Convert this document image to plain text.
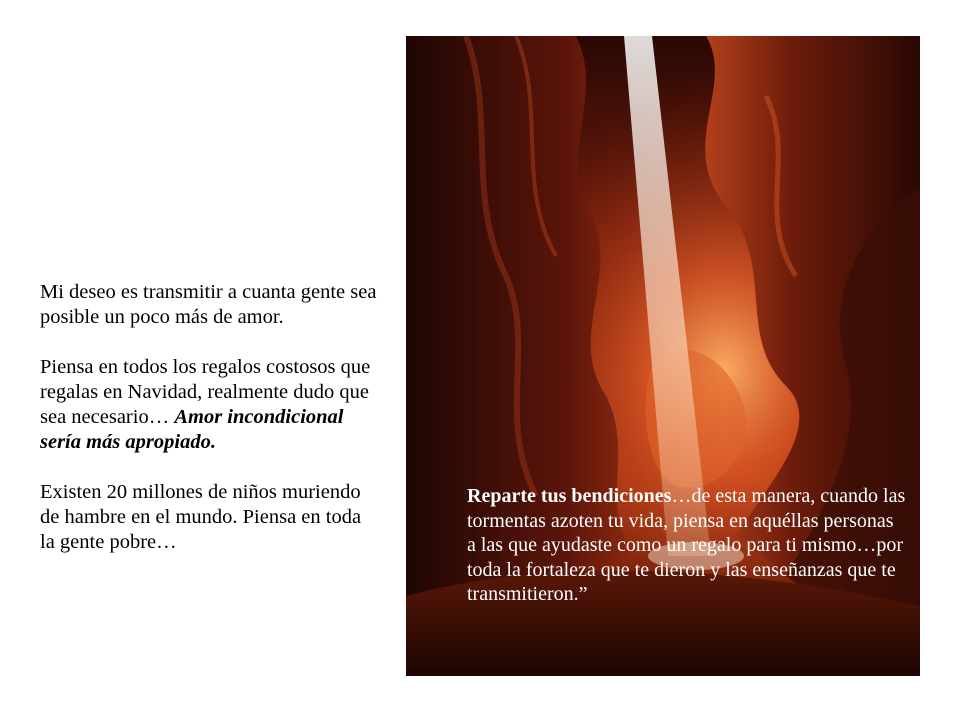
Mi deseo es transmitir a cuanta gente sea posible un poco más de amor.

Piensa en todos los regalos costosos que regalas en Navidad, realmente dudo que sea necesario… Amor incondicional sería más apropiado.

Existen 20 millones de niños muriendo de hambre en el mundo. Piensa en toda la gente pobre…

Reparte tus bendiciones…de esta manera, cuando las tormentas azoten tu vida, piensa en aquéllas personas a las que ayudaste como un regalo para ti mismo…por toda la fortaleza que te dieron y las enseñanzas que te transmitieron.”
